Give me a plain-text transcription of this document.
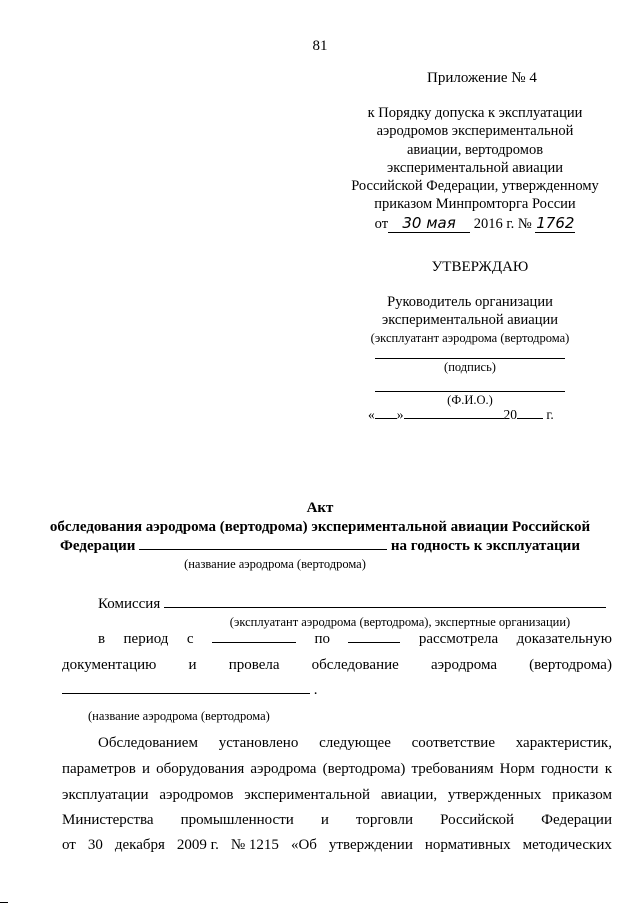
81
Приложение № 4
к Порядку допуска к эксплуатации
аэродромов экспериментальной
авиации, вертодромов
экспериментальной авиации
Российской Федерации, утвержденному
приказом Минпромторга России
от 30 мая 2016 г. № 1762
УТВЕРЖДАЮ
Руководитель организации
экспериментальной авиации
(эксплуатант аэродрома (вертодрома)
(подпись)
(Ф.И.О.)
« »	20 г.
Акт
обследования аэродрома (вертодрома) экспериментальной авиации Российской
Федерации	на годность к эксплуатации
(название аэродрома (вертодрома)
Комиссия
(эксплуатант аэродрома (вертодрома), экспертные организации)
в период с	по	рассмотрела доказательную
документацию и провела обследование аэродрома (вертодрома)
.
(название аэродрома (вертодрома)
Обследованием установлено следующее соответствие характеристик,
параметров и оборудования аэродрома (вертодрома) требованиям Норм годности к
эксплуатации аэродромов экспериментальной авиации, утвержденных приказом
Министерства промышленности и торговли Российской Федерации
от 30 декабря 2009 г. № 1215 «Об утверждении нормативных методических
